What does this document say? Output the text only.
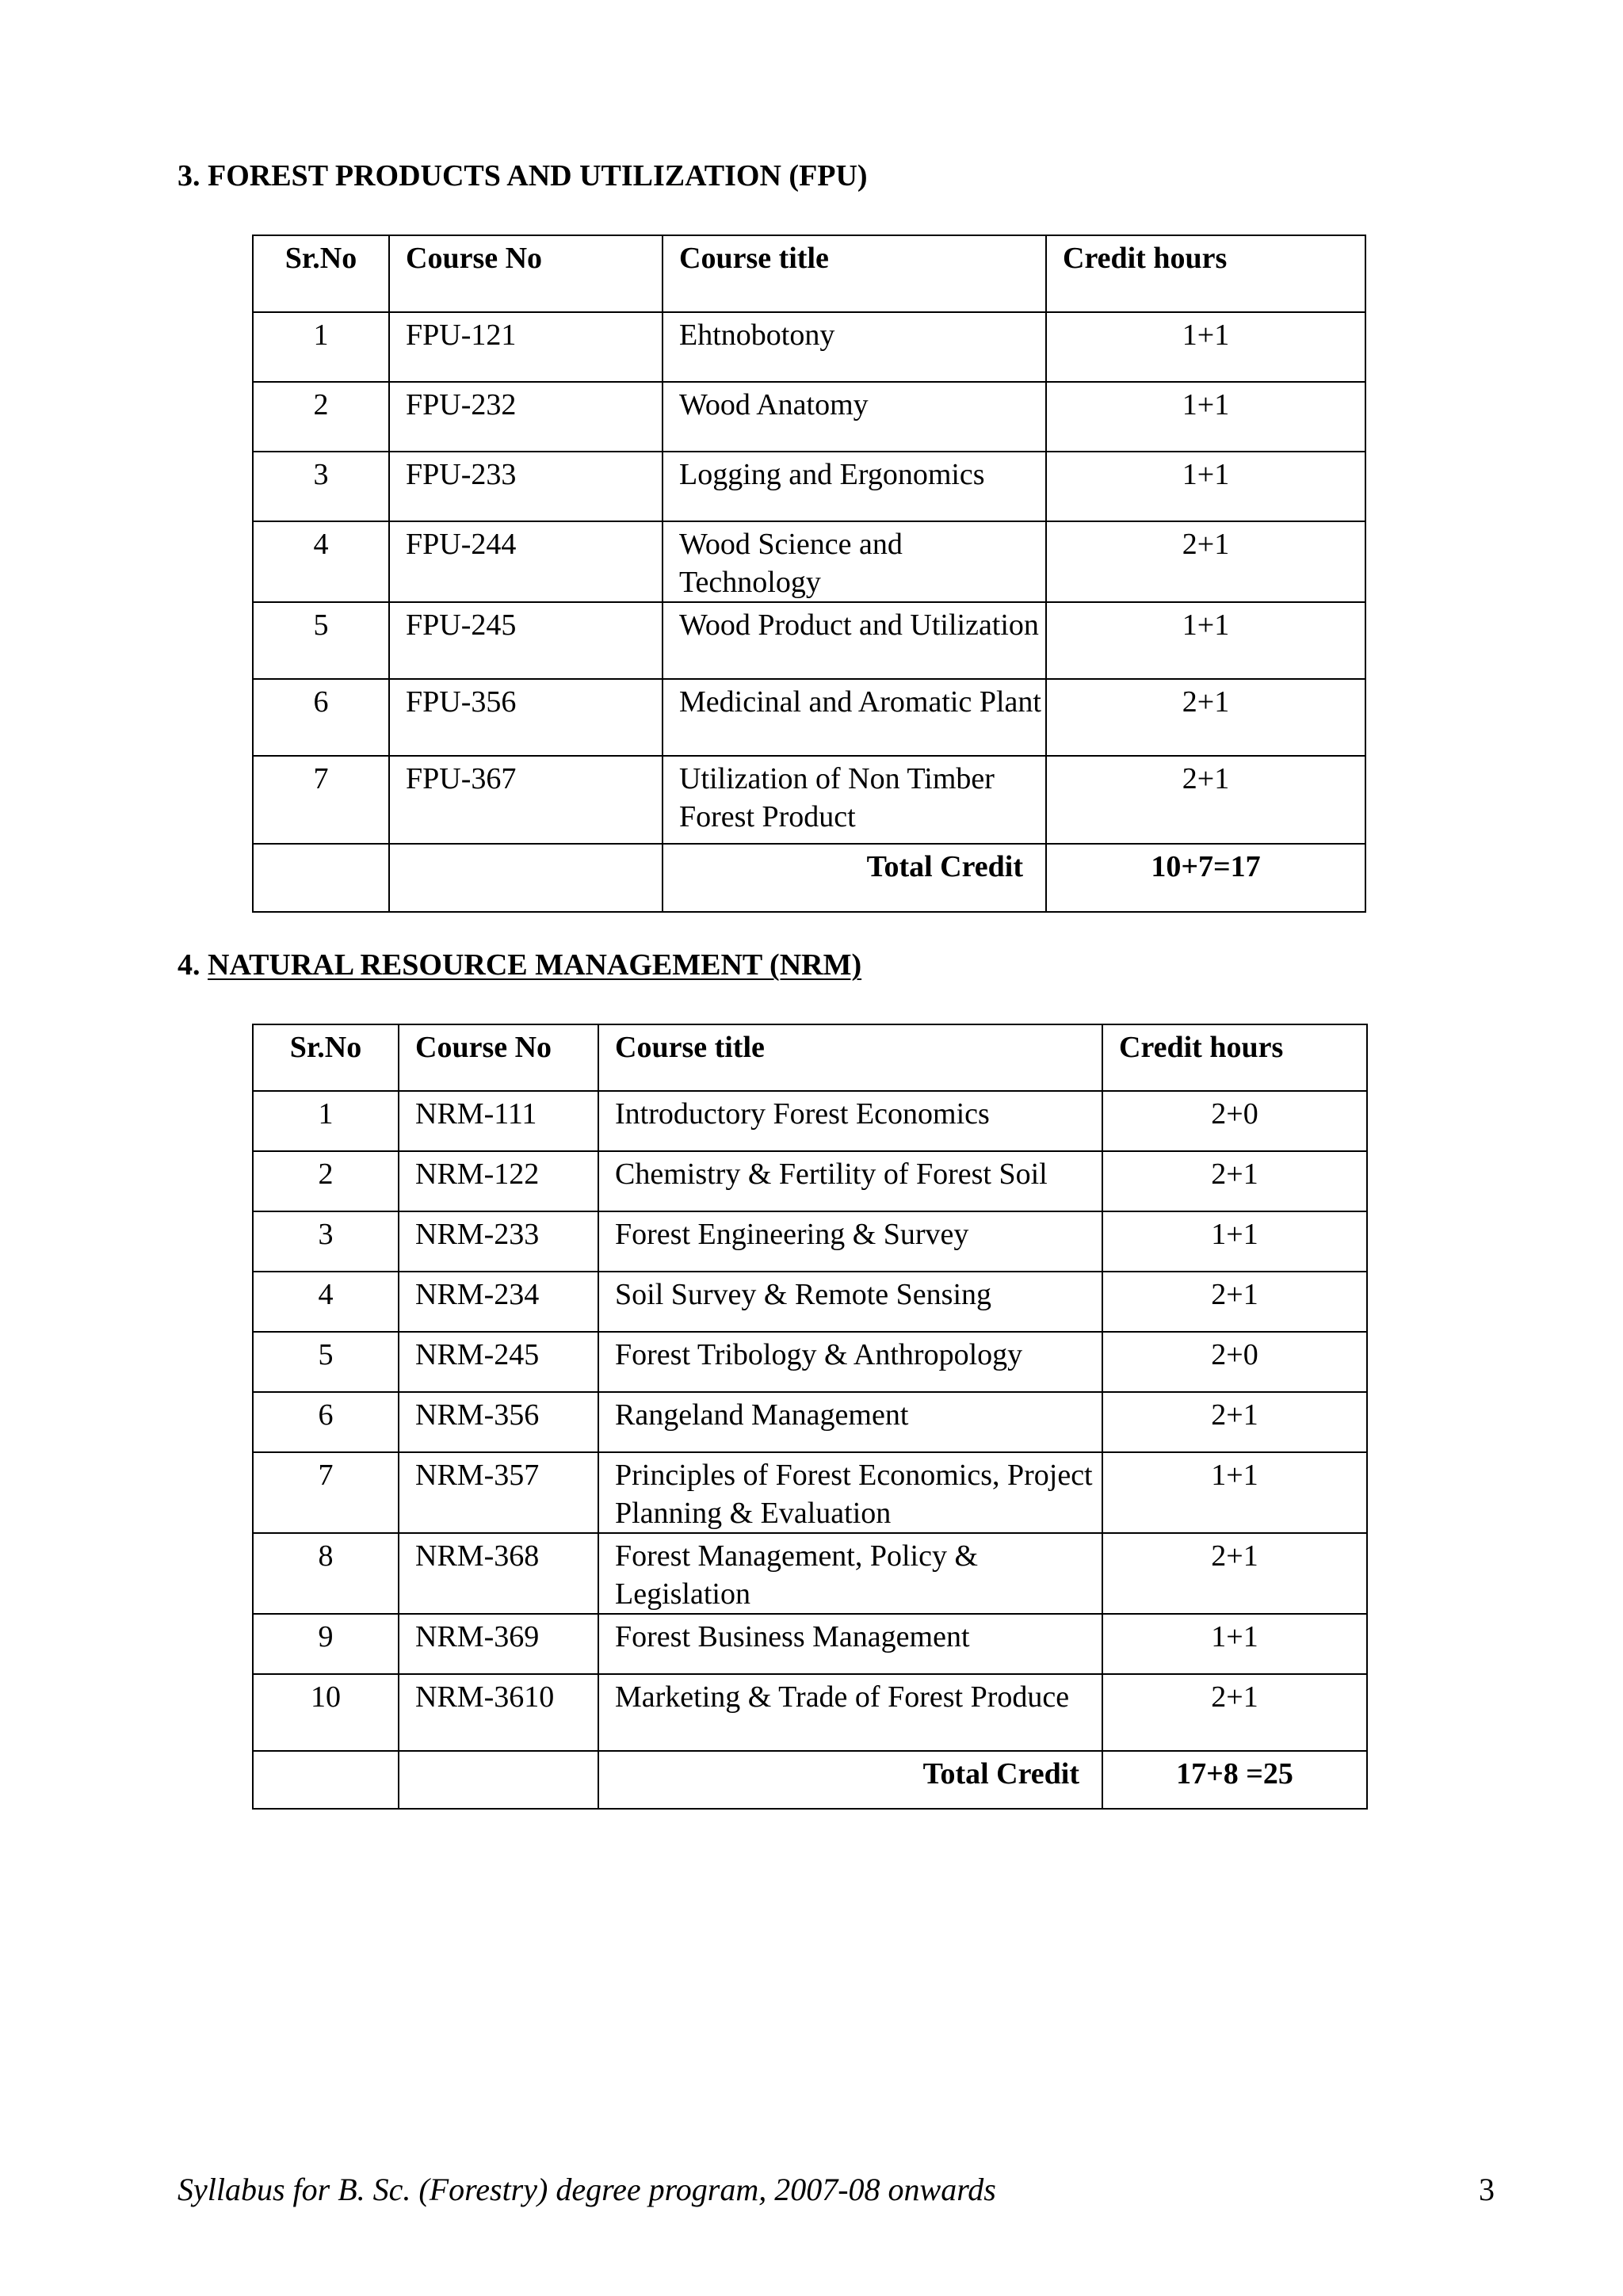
3. FOREST PRODUCTS AND UTILIZATION (FPU)
Sr.No	Course No	Course title	Credit hours
1	FPU-121	Ehtnobotony	1+1
2	FPU-232	Wood Anatomy	1+1
3	FPU-233	Logging and Ergonomics	1+1
4	FPU-244	Wood Science and Technology	2+1
5	FPU-245	Wood Product and Utilization	1+1
6	FPU-356	Medicinal and Aromatic Plant	2+1
7	FPU-367	Utilization of Non Timber Forest Product	2+1
		Total Credit	10+7=17
4. NATURAL RESOURCE MANAGEMENT (NRM)
Sr.No	Course No	Course title	Credit hours
1	NRM-111	Introductory Forest Economics	2+0
2	NRM-122	Chemistry & Fertility of Forest Soil	2+1
3	NRM-233	Forest Engineering & Survey	1+1
4	NRM-234	Soil Survey & Remote Sensing	2+1
5	NRM-245	Forest Tribology & Anthropology	2+0
6	NRM-356	Rangeland Management	2+1
7	NRM-357	Principles of Forest Economics, Project Planning & Evaluation	1+1
8	NRM-368	Forest Management, Policy & Legislation	2+1
9	NRM-369	Forest Business Management	1+1
10	NRM-3610	Marketing & Trade of Forest Produce	2+1
		Total Credit	17+8 =25
Syllabus for B. Sc. (Forestry) degree program, 2007-08 onwards	3
